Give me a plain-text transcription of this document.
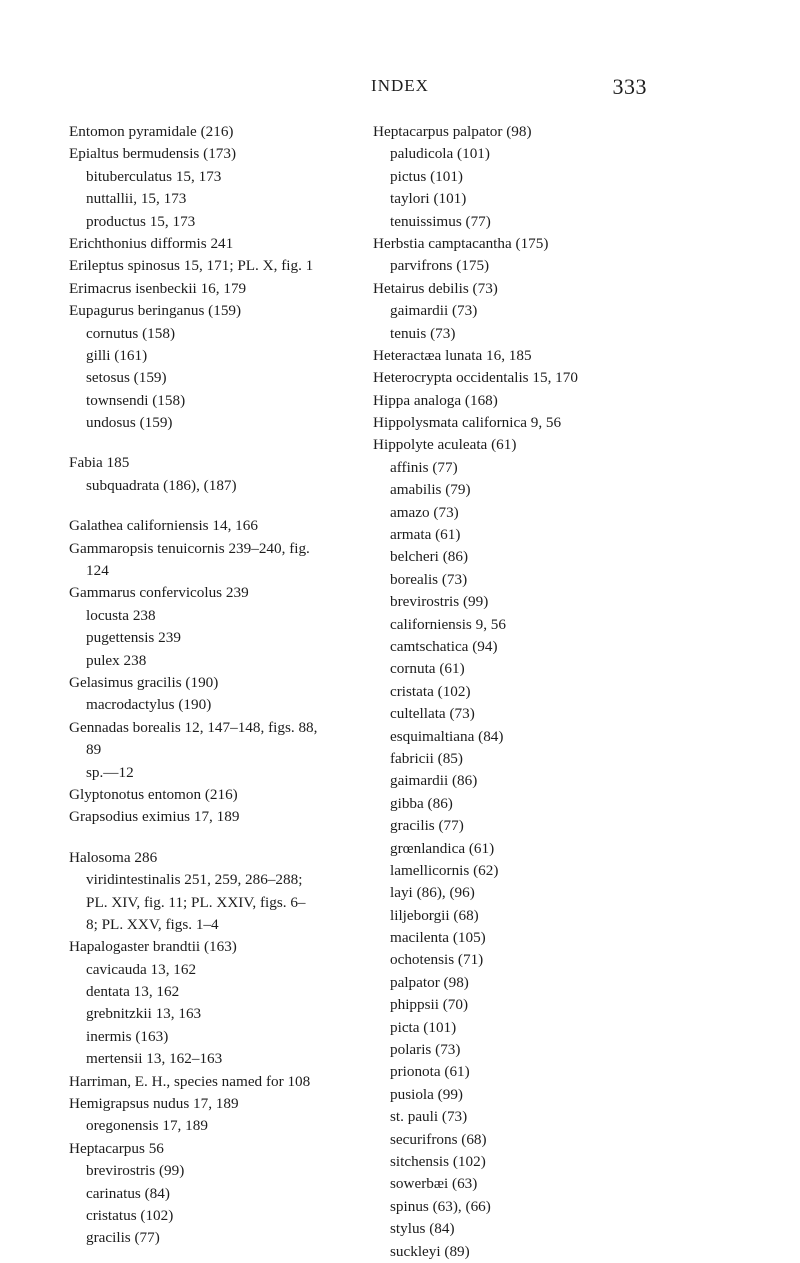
INDEX	333
Entomon pyramidale (216)
Epialtus bermudensis (173)
bituberculatus 15, 173
nuttallii, 15, 173
productus 15, 173
Erichthonius difformis 241
Erileptus spinosus 15, 171; PL. X, fig. 1
Erimacrus isenbeckii 16, 179
Eupagurus beringanus (159)
cornutus (158)
gilli (161)
setosus (159)
townsendi (158)
undosus (159)
Fabia 185
subquadrata (186), (187)
Galathea californiensis 14, 166
Gammaropsis tenuicornis 239–240, fig.
124
Gammarus confervicolus 239
locusta 238
pugettensis 239
pulex 238
Gelasimus gracilis (190)
macrodactylus (190)
Gennadas borealis 12, 147–148, figs. 88,
89
sp.—12
Glyptonotus entomon (216)
Grapsodius eximius 17, 189
Halosoma 286
viridintestinalis 251, 259, 286–288;
PL. XIV, fig. 11; PL. XXIV, figs. 6–
8; PL. XXV, figs. 1–4
Hapalogaster brandtii (163)
cavicauda 13, 162
dentata 13, 162
grebnitzkii 13, 163
inermis (163)
mertensii 13, 162–163
Harriman, E. H., species named for 108
Hemigrapsus nudus 17, 189
oregonensis 17, 189
Heptacarpus 56
brevirostris (99)
carinatus (84)
cristatus (102)
gracilis (77)
Heptacarpus palpator (98)
paludicola (101)
pictus (101)
taylori (101)
tenuissimus (77)
Herbstia camptacantha (175)
parvifrons (175)
Hetairus debilis (73)
gaimardii (73)
tenuis (73)
Heteractæa lunata 16, 185
Heterocrypta occidentalis 15, 170
Hippa analoga (168)
Hippolysmata californica 9, 56
Hippolyte aculeata (61)
affinis (77)
amabilis (79)
amazo (73)
armata (61)
belcheri (86)
borealis (73)
brevirostris (99)
californiensis 9, 56
camtschatica (94)
cornuta (61)
cristata (102)
cultellata (73)
esquimaltiana (84)
fabricii (85)
gaimardii (86)
gibba (86)
gracilis (77)
grœnlandica (61)
lamellicornis (62)
layi (86), (96)
liljeborgii (68)
macilenta (105)
ochotensis (71)
palpator (98)
phippsii (70)
picta (101)
polaris (73)
prionota (61)
pusiola (99)
st. pauli (73)
securifrons (68)
sitchensis (102)
sowerbæi (63)
spinus (63), (66)
stylus (84)
suckleyi (89)
